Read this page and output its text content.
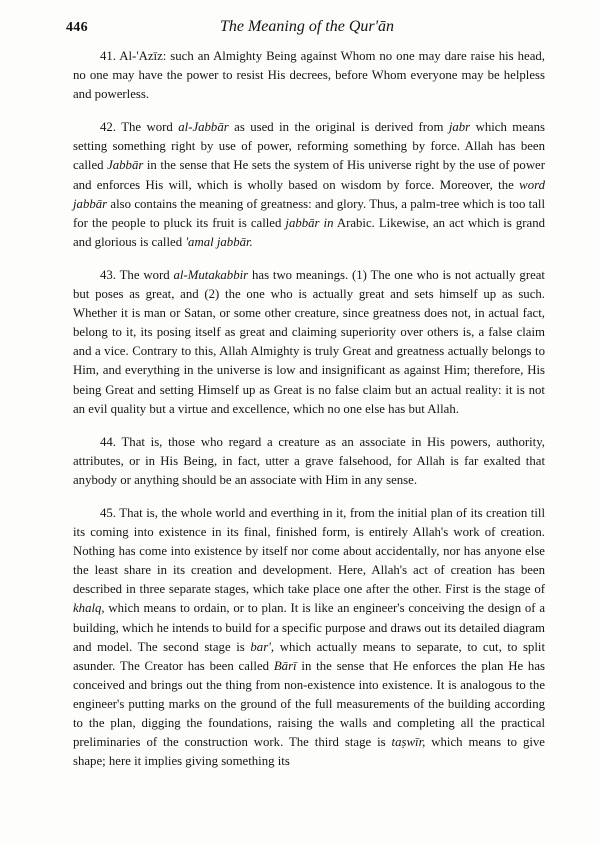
446	The Meaning of the Qur'ān

41. Al-'Azīz: such an Almighty Being against Whom no one may dare raise his head, no one may have the power to resist His decrees, before Whom everyone may be helpless and powerless.

42. The word al-Jabbār as used in the original is derived from jabr which means setting something right by use of power, reforming something by force. Allah has been called Jabbār in the sense that He sets the system of His universe right by the use of power and enforces His will, which is wholly based on wisdom by force. Moreover, the word jabbār also contains the meaning of greatness: and glory. Thus, a palm-tree which is too tall for the people to pluck its fruit is called jabbār in Arabic. Likewise, an act which is grand and glorious is called 'amal jabbār.

43. The word al-Mutakabbir has two meanings. (1) The one who is not actually great but poses as great, and (2) the one who is actually great and sets himself up as such. Whether it is man or Satan, or some other creature, since greatness does not, in actual fact, belong to it, its posing itself as great and claiming superiority over others is, a false claim and a vice. Contrary to this, Allah Almighty is truly Great and greatness actually belongs to Him, and everything in the universe is low and insignificant as against Him; therefore, His being Great and setting Himself up as Great is no false claim but an actual reality: it is not an evil quality but a virtue and excellence, which no one else has but Allah.

44. That is, those who regard a creature as an associate in His powers, authority, attributes, or in His Being, in fact, utter a grave falsehood, for Allah is far exalted that anybody or anything should be an associate with Him in any sense.

45. That is, the whole world and everthing in it, from the initial plan of its creation till its coming into existence in its final, finished form, is entirely Allah's work of creation. Nothing has come into existence by itself nor come about accidentally, nor has anyone else the least share in its creation and development. Here, Allah's act of creation has been described in three separate stages, which take place one after the other. First is the stage of khalq, which means to ordain, or to plan. It is like an engineer's conceiving the design of a building, which he intends to build for a specific purpose and draws out its detailed diagram and model. The second stage is bar', which actually means to separate, to cut, to split asunder. The Creator has been called Bārī in the sense that He enforces the plan He has conceived and brings out the thing from non-existence into existence. It is analogous to the engineer's putting marks on the ground of the full measurements of the building according to the plan, digging the foundations, raising the walls and completing all the practical preliminaries of the construction work. The third stage is taṣwīr, which means to give shape; here it implies giving something its
